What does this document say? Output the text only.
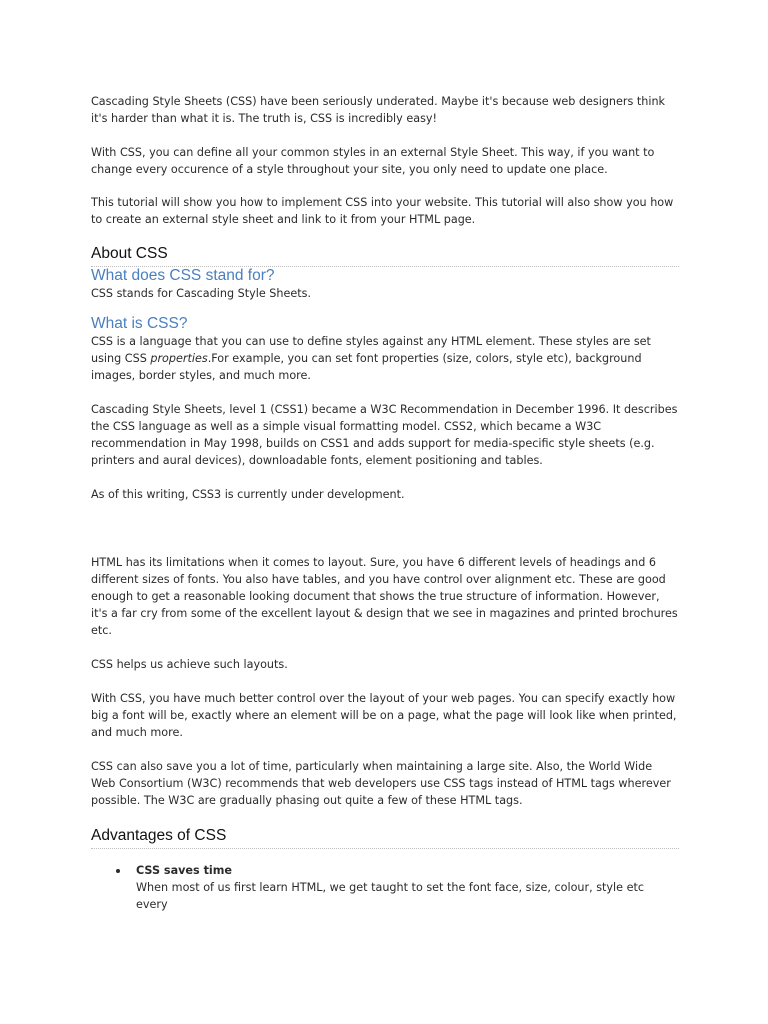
Cascading Style Sheets (CSS) have been seriously underated. Maybe it's because web designers think it's harder than what it is. The truth is, CSS is incredibly easy!

With CSS, you can define all your common styles in an external Style Sheet. This way, if you want to change every occurence of a style throughout your site, you only need to update one place.

This tutorial will show you how to implement CSS into your website. This tutorial will also show you how to create an external style sheet and link to it from your HTML page.

About CSS
What does CSS stand for?

CSS stands for Cascading Style Sheets.

What is CSS?

CSS is a language that you can use to define styles against any HTML element. These styles are set using CSS properties.For example, you can set font properties (size, colors, style etc), background images, border styles, and much more.

Cascading Style Sheets, level 1 (CSS1) became a W3C Recommendation in December 1996. It describes the CSS language as well as a simple visual formatting model. CSS2, which became a W3C recommendation in May 1998, builds on CSS1 and adds support for media-specific style sheets (e.g. printers and aural devices), downloadable fonts, element positioning and tables.

As of this writing, CSS3 is currently under development.

HTML has its limitations when it comes to layout. Sure, you have 6 different levels of headings and 6 different sizes of fonts. You also have tables, and you have control over alignment etc. These are good enough to get a reasonable looking document that shows the true structure of information. However, it's a far cry from some of the excellent layout & design that we see in magazines and printed brochures etc.

CSS helps us achieve such layouts.

With CSS, you have much better control over the layout of your web pages. You can specify exactly how big a font will be, exactly where an element will be on a page, what the page will look like when printed, and much more.

CSS can also save you a lot of time, particularly when maintaining a large site. Also, the World Wide Web Consortium (W3C) recommends that web developers use CSS tags instead of HTML tags wherever possible. The W3C are gradually phasing out quite a few of these HTML tags.

Advantages of CSS
CSS saves time
When most of us first learn HTML, we get taught to set the font face, size, colour, style etc every
